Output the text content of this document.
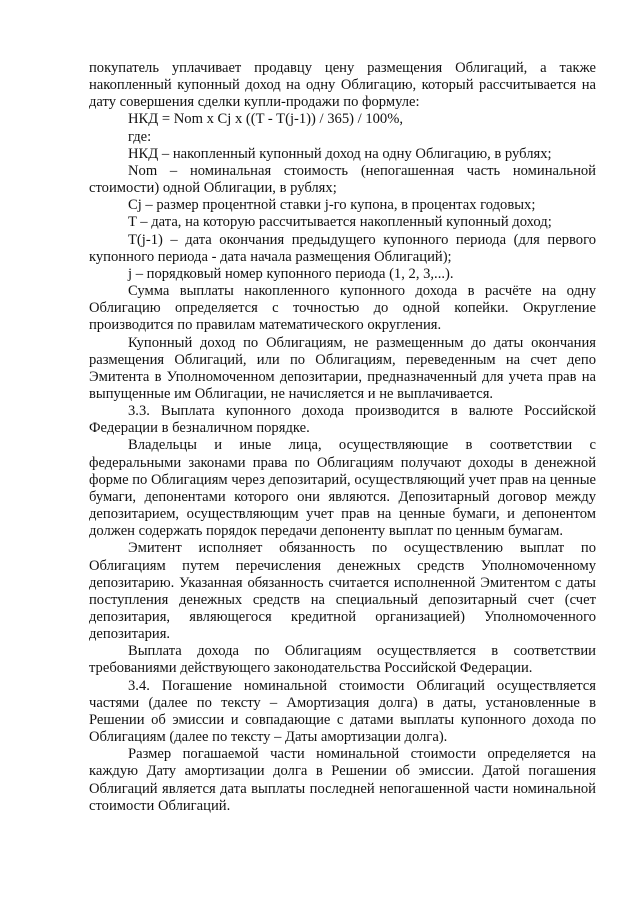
покупатель уплачивает продавцу цену размещения Облигаций, а также накопленный купонный доход на одну Облигацию, который рассчитывается на дату совершения сделки купли-продажи по формуле:

НКД = Nom x Cj x ((T - T(j-1)) / 365) / 100%,

где:

НКД – накопленный купонный доход на одну Облигацию, в рублях;

Nom – номинальная стоимость (непогашенная часть номинальной стоимости) одной Облигации, в рублях;

Cj – размер процентной ставки j-го купона, в процентах годовых;

T – дата, на которую рассчитывается накопленный купонный доход;

T(j-1) – дата окончания предыдущего купонного периода (для первого купонного периода - дата начала размещения Облигаций);

j – порядковый номер купонного периода (1, 2, 3,...).

Сумма выплаты накопленного купонного дохода в расчёте на одну Облигацию определяется с точностью до одной копейки. Округление производится по правилам математического округления.

Купонный доход по Облигациям, не размещенным до даты окончания размещения Облигаций, или по Облигациям, переведенным на счет депо Эмитента в Уполномоченном депозитарии, предназначенный для учета прав на выпущенные им Облигации, не начисляется и не выплачивается.

3.3. Выплата купонного дохода производится в валюте Российской Федерации в безналичном порядке.

Владельцы и иные лица, осуществляющие в соответствии с федеральными законами права по Облигациям получают доходы в денежной форме по Облигациям через депозитарий, осуществляющий учет прав на ценные бумаги, депонентами которого они являются. Депозитарный договор между депозитарием, осуществляющим учет прав на ценные бумаги, и депонентом должен содержать порядок передачи депоненту выплат по ценным бумагам.

Эмитент исполняет обязанность по осуществлению выплат по Облигациям путем перечисления денежных средств Уполномоченному депозитарию. Указанная обязанность считается исполненной Эмитентом с даты поступления денежных средств на специальный депозитарный счет (счет депозитария, являющегося кредитной организацией) Уполномоченного депозитария.

Выплата дохода по Облигациям осуществляется в соответствии требованиями действующего законодательства Российской Федерации.

3.4. Погашение номинальной стоимости Облигаций осуществляется частями (далее по тексту – Амортизация долга) в даты, установленные в Решении об эмиссии и совпадающие с датами выплаты купонного дохода по Облигациям (далее по тексту – Даты амортизации долга).

Размер погашаемой части номинальной стоимости определяется на каждую Дату амортизации долга в Решении об эмиссии. Датой погашения Облигаций является дата выплаты последней непогашенной части номинальной стоимости Облигаций.
